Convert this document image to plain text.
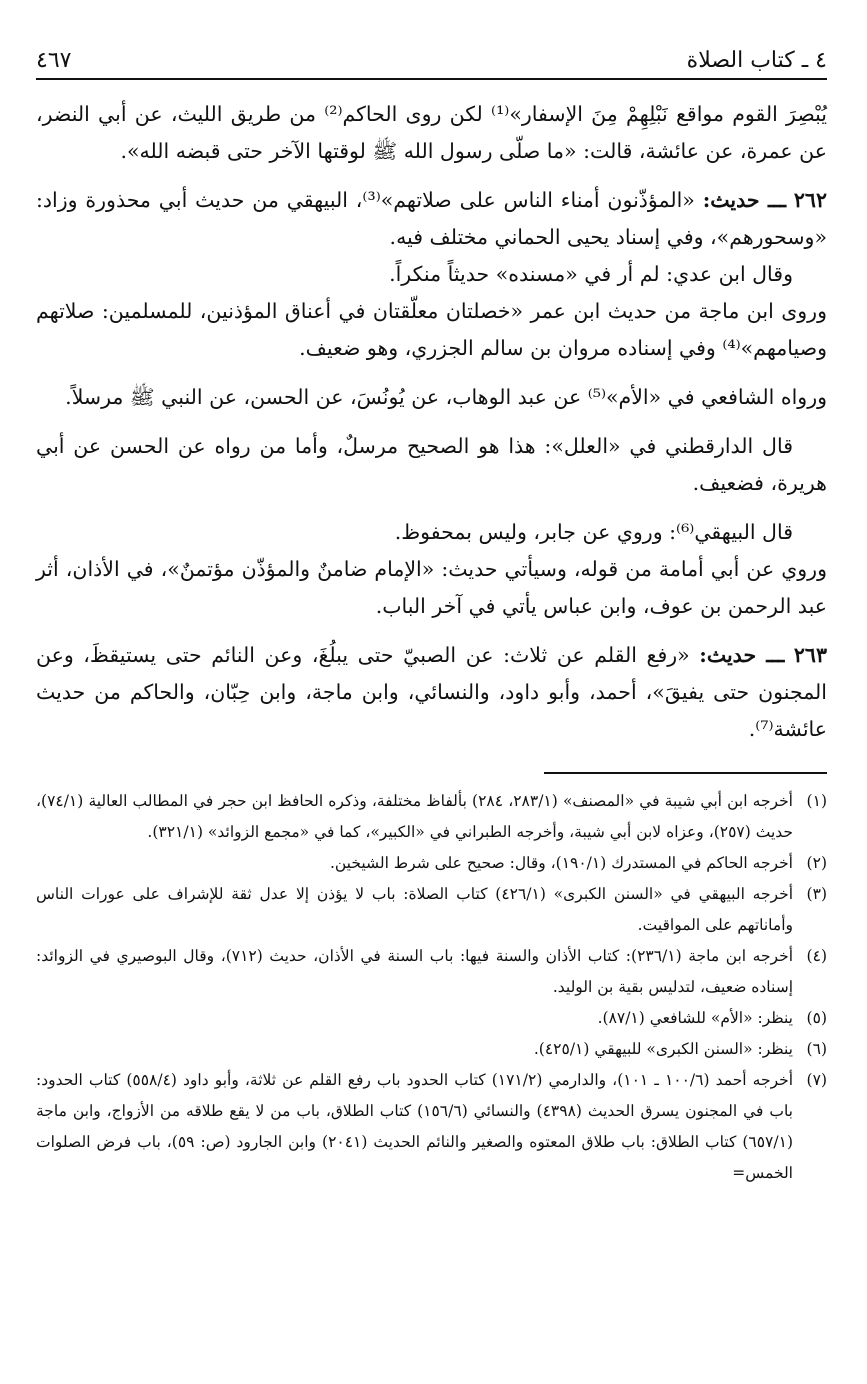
٤ ـ كتاب الصلاة
٤٦٧

يُبْصِرَ القوم مواقع نَبْلِهِمْ مِنَ الإسفار»⁽¹⁾ لكن روى الحاكم⁽²⁾ من طريق الليث، عن أبي النضر، عن عمرة، عن عائشة، قالت: «ما صلّى رسول الله ﷺ لوقتها الآخر حتى قبضه الله».

٢٦٢ ـــ حديث: «المؤذّنون أمناء الناس على صلاتهم»⁽³⁾، البيهقي من حديث أبي محذورة وزاد: «وسحورهم»، وفي إسناد يحيى الحماني مختلف فيه.

وقال ابن عدي: لم أر في «مسنده» حديثاً منكراً.

وروى ابن ماجة من حديث ابن عمر «خصلتان معلّقتان في أعناق المؤذنين، للمسلمين: صلاتهم وصيامهم»⁽⁴⁾ وفي إسناده مروان بن سالم الجزري، وهو ضعيف.

ورواه الشافعي في «الأم»⁽⁵⁾ عن عبد الوهاب، عن يُونُسَ، عن الحسن، عن النبي ﷺ مرسلاً.

قال الدارقطني في «العلل»: هذا هو الصحيح مرسلٌ، وأما من رواه عن الحسن عن أبي هريرة، فضعيف.

قال البيهقي⁽⁶⁾: وروي عن جابر، وليس بمحفوظ.

وروي عن أبي أمامة من قوله، وسيأتي حديث: «الإمام ضامنٌ والمؤذّن مؤتمنٌ»، في الأذان، أثر عبد الرحمن بن عوف، وابن عباس يأتي في آخر الباب.

٢٦٣ ـــ حديث: «رفع القلم عن ثلاث: عن الصبيّ حتى يبلُغَ، وعن النائم حتى يستيقظَ، وعن المجنون حتى يفيقَ»، أحمد، وأبو داود، والنسائي، وابن ماجة، وابن حِبّان، والحاكم من حديث عائشة⁽⁷⁾.

(١)
أخرجه ابن أبي شيبة في «المصنف» (٢٨٣/١، ٢٨٤) بألفاظ مختلفة، وذكره الحافظ ابن حجر في المطالب العالية (٧٤/١)، حديث (٢٥٧)، وعزاه لابن أبي شيبة، وأخرجه الطبراني في «الكبير»، كما في «مجمع الزوائد» (٣٢١/١).
(٢)
أخرجه الحاكم في المستدرك (١٩٠/١)، وقال: صحيح على شرط الشيخين.
(٣)
أخرجه البيهقي في «السنن الكبرى» (٤٢٦/١) كتاب الصلاة: باب لا يؤذن إلا عدل ثقة للإشراف على عورات الناس وأماناتهم على المواقيت.
(٤)
أخرجه ابن ماجة (٢٣٦/١): كتاب الأذان والسنة فيها: باب السنة في الأذان، حديث (٧١٢)، وقال البوصيري في الزوائد: إسناده ضعيف، لتدليس بقية بن الوليد.
(٥)
ينظر: «الأم» للشافعي (٨٧/١).
(٦)
ينظر: «السنن الكبرى» للبيهقي (٤٢٥/١).
(٧)
أخرجه أحمد (١٠٠/٦ ـ ١٠١)، والدارمي (١٧١/٢) كتاب الحدود باب رفع القلم عن ثلاثة، وأبو داود (٥٥٨/٤) كتاب الحدود: باب في المجنون يسرق الحديث (٤٣٩٨) والنسائي (١٥٦/٦) كتاب الطلاق، باب من لا يقع طلاقه من الأزواج، وابن ماجة (٦٥٧/١) كتاب الطلاق: باب طلاق المعتوه والصغير والنائم الحديث (٢٠٤١) وابن الجارود (ص: ٥٩)، باب فرض الصلوات الخمس=
